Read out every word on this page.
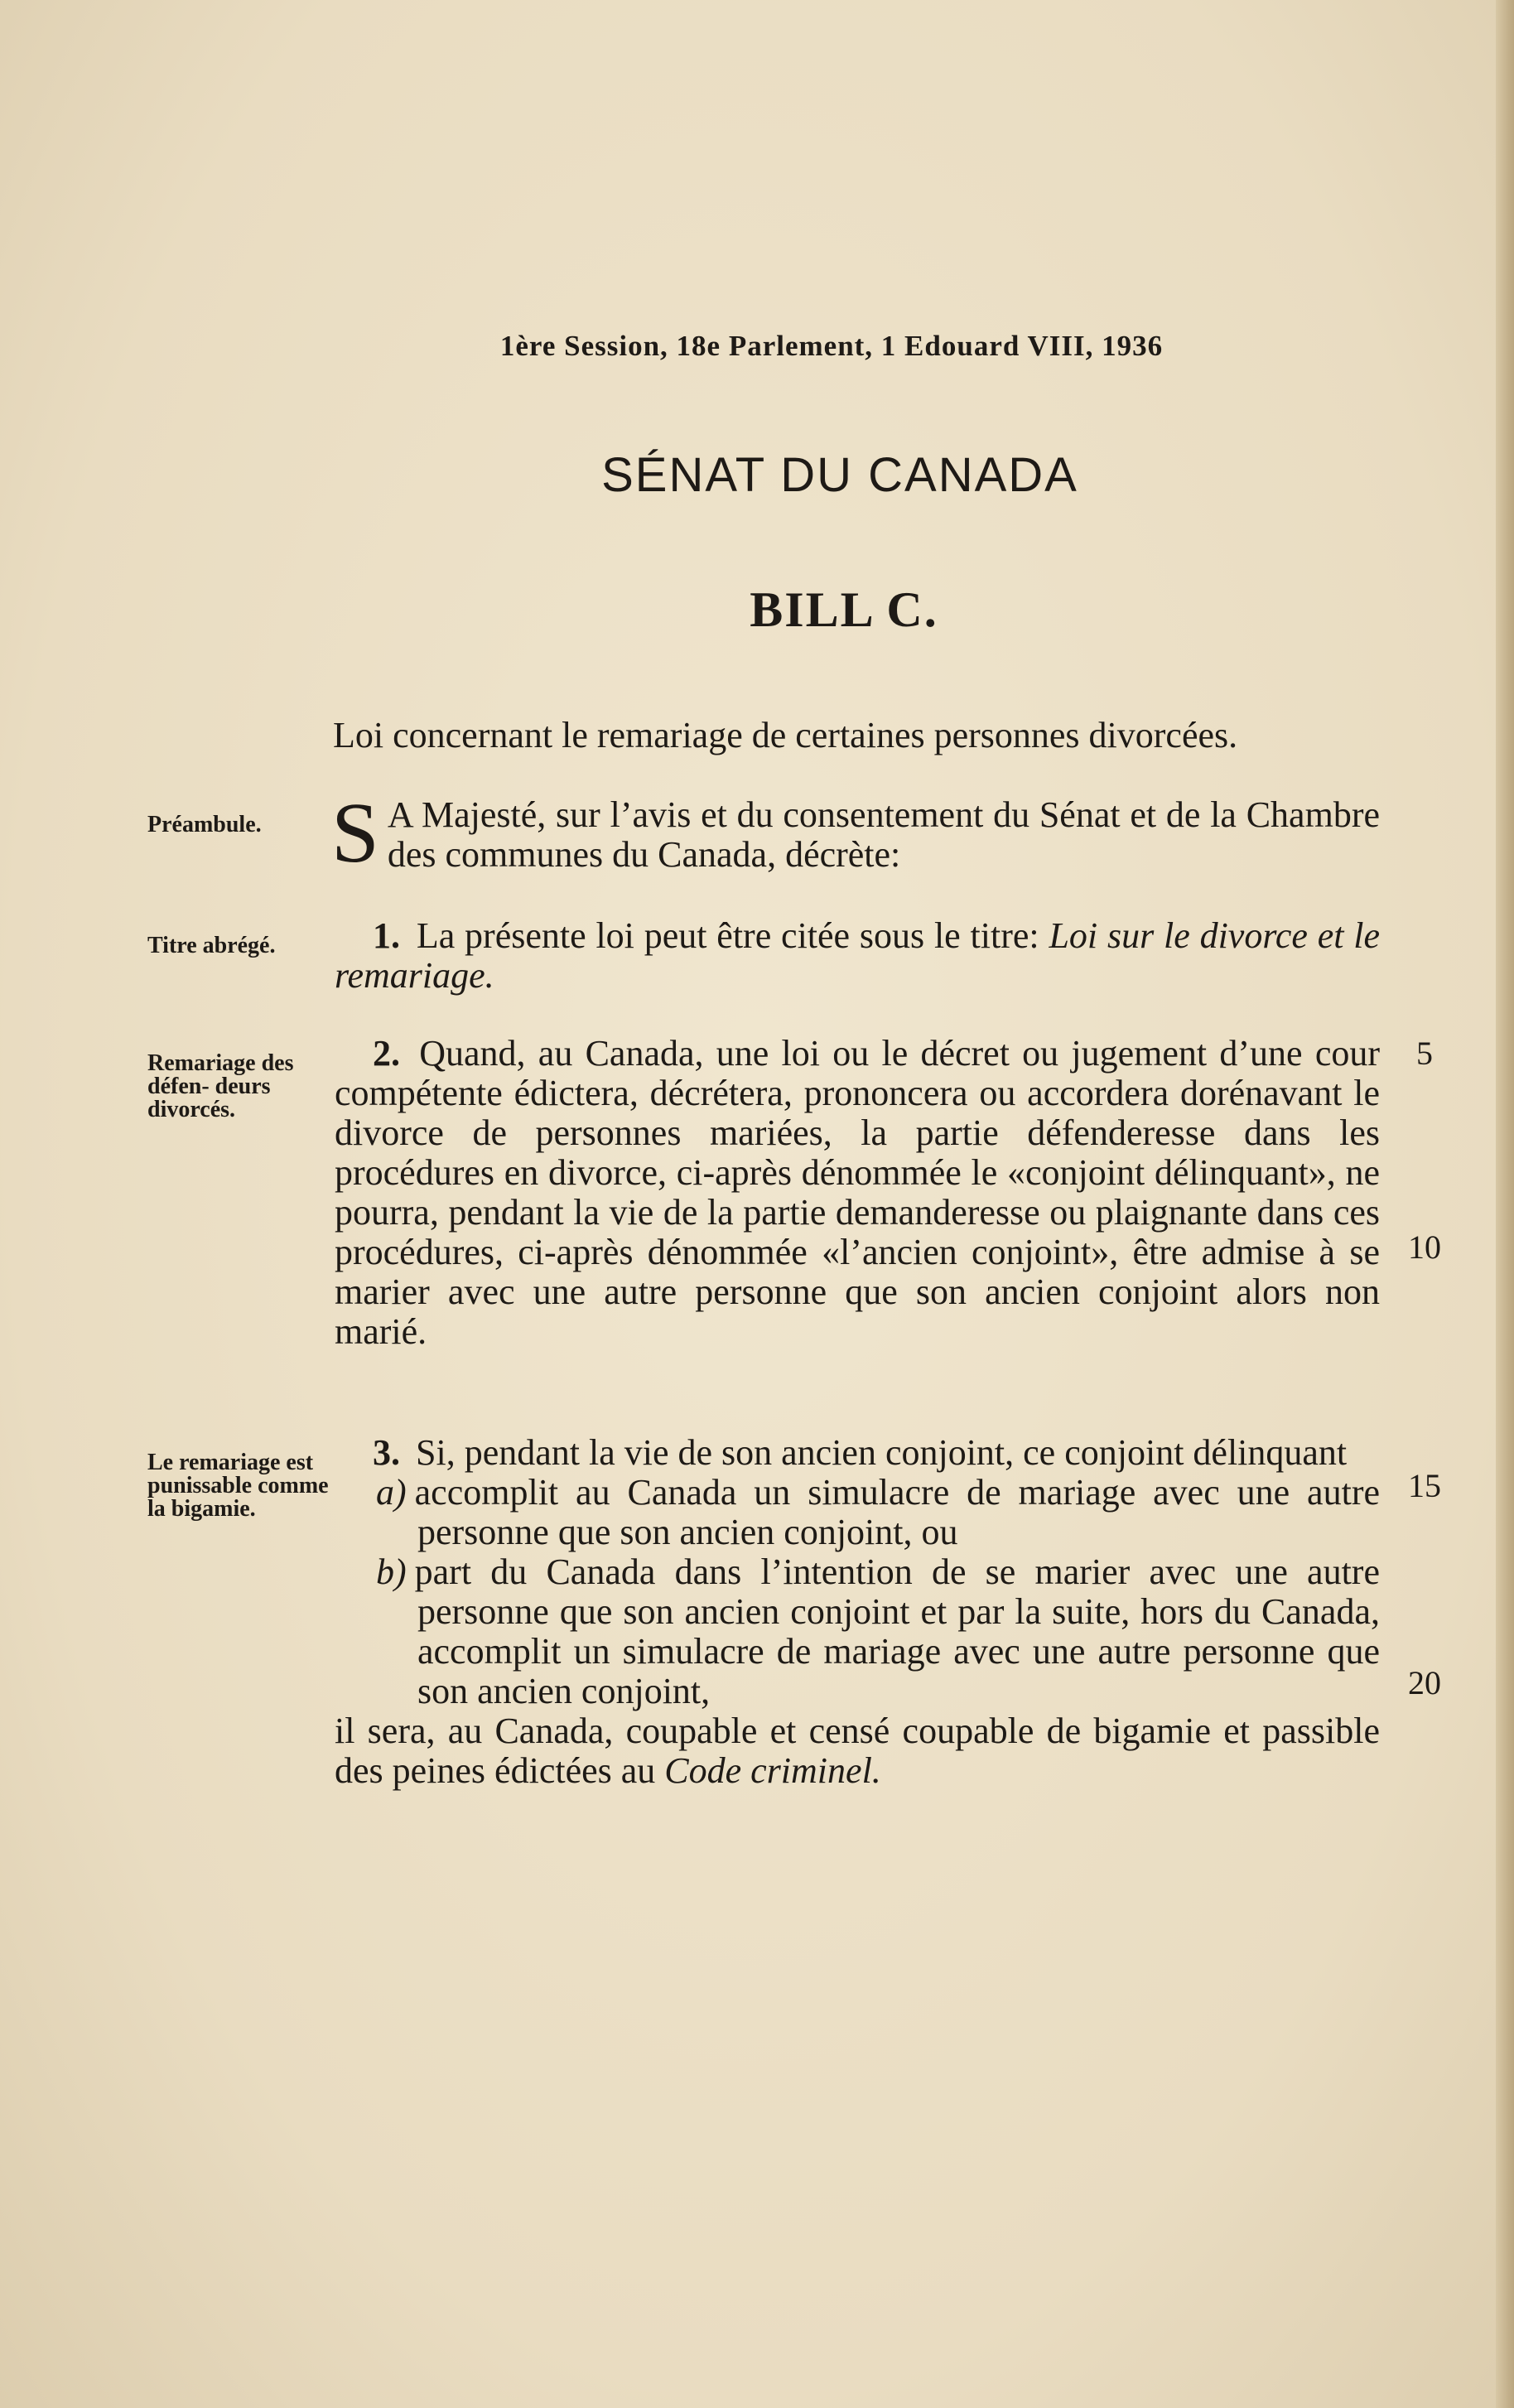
1ère Session, 18e Parlement, 1 Edouard VIII, 1936
SÉNAT DU CANADA
BILL C.
Loi concernant le remariage de certaines personnes divorcées.
Préambule. S A Majesté, sur l’avis et du consentement du Sénat et de la Chambre des communes du Canada, décrète:
Titre abrégé.	1. La présente loi peut être citée sous le titre: Loi sur le divorce et le remariage.
Remariage des défen- deurs divorcés.
2. Quand, au Canada, une loi ou le décret ou jugement d’une cour compétente édictera, décrétera, prononcera ou accordera dorénavant le divorce de personnes mariées, la partie défenderesse dans les procédures en divorce, ci-après dénommée le «conjoint délinquant», ne pourra, pendant la vie de la partie demanderesse ou plaignante dans ces procédures, ci-après dénommée «l’ancien conjoint», être admise à se marier avec une autre personne que son ancien conjoint alors non marié.
Le remariage est punissable comme la bigamie.
3. Si, pendant la vie de son ancien conjoint, ce conjoint délinquant
a) accomplit au Canada un simulacre de mariage avec une autre personne que son ancien conjoint, ou
b) part du Canada dans l’intention de se marier avec une autre personne que son ancien conjoint et par la suite, hors du Canada, accomplit un simulacre de mariage avec une autre personne que son ancien conjoint,
il sera, au Canada, coupable et censé coupable de bigamie et passible des peines édictées au Code criminel.
5
10
15
20
